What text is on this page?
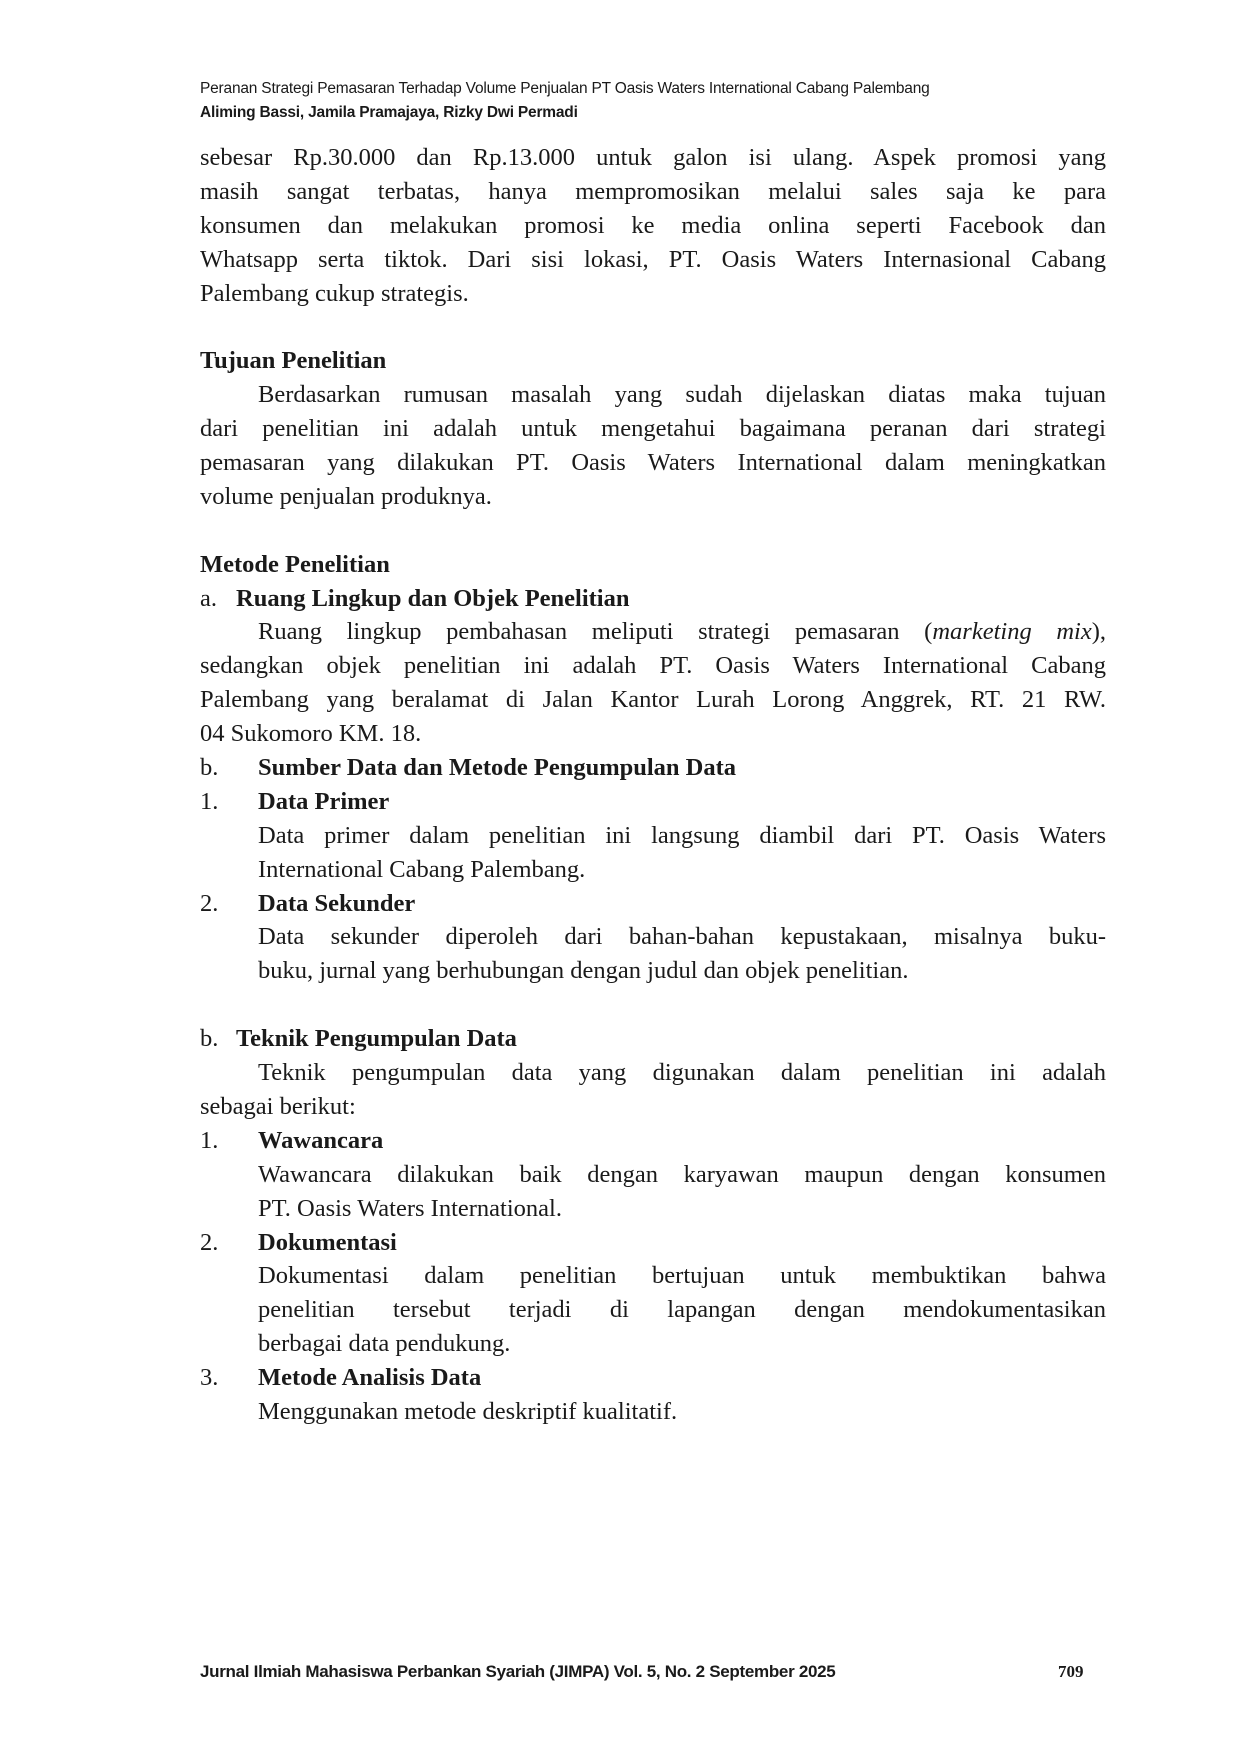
Peranan Strategi Pemasaran Terhadap Volume Penjualan PT Oasis Waters International Cabang Palembang
Aliming Bassi, Jamila Pramajaya, Rizky Dwi Permadi
sebesar Rp.30.000 dan Rp.13.000 untuk galon isi ulang. Aspek promosi yang
masih sangat terbatas, hanya mempromosikan melalui sales saja ke para
konsumen dan melakukan promosi ke media onlina seperti Facebook dan
Whatsapp serta tiktok. Dari sisi lokasi, PT. Oasis Waters Internasional Cabang
Palembang cukup strategis.
Tujuan Penelitian
Berdasarkan rumusan masalah yang sudah dijelaskan diatas maka tujuan
dari penelitian ini adalah untuk mengetahui bagaimana peranan dari strategi
pemasaran yang dilakukan PT. Oasis Waters International dalam meningkatkan
volume penjualan produknya.
Metode Penelitian
a. Ruang Lingkup dan Objek Penelitian
Ruang lingkup pembahasan meliputi strategi pemasaran (marketing mix),
sedangkan objek penelitian ini adalah PT. Oasis Waters International Cabang
Palembang yang beralamat di Jalan Kantor Lurah Lorong Anggrek, RT. 21 RW.
04 Sukomoro KM. 18.
b. Sumber Data dan Metode Pengumpulan Data
1. Data Primer
Data primer dalam penelitian ini langsung diambil dari PT. Oasis Waters
International Cabang Palembang.
2. Data Sekunder
Data sekunder diperoleh dari bahan-bahan kepustakaan, misalnya buku-
buku, jurnal yang berhubungan dengan judul dan objek penelitian.
b. Teknik Pengumpulan Data
Teknik pengumpulan data yang digunakan dalam penelitian ini adalah
sebagai berikut:
1. Wawancara
Wawancara dilakukan baik dengan karyawan maupun dengan konsumen
PT. Oasis Waters International.
2. Dokumentasi
Dokumentasi dalam penelitian bertujuan untuk membuktikan bahwa
penelitian tersebut terjadi di lapangan dengan mendokumentasikan
berbagai data pendukung.
3. Metode Analisis Data
Menggunakan metode deskriptif kualitatif.
Jurnal Ilmiah Mahasiswa Perbankan Syariah (JIMPA) Vol. 5, No. 2 September 2025	709
